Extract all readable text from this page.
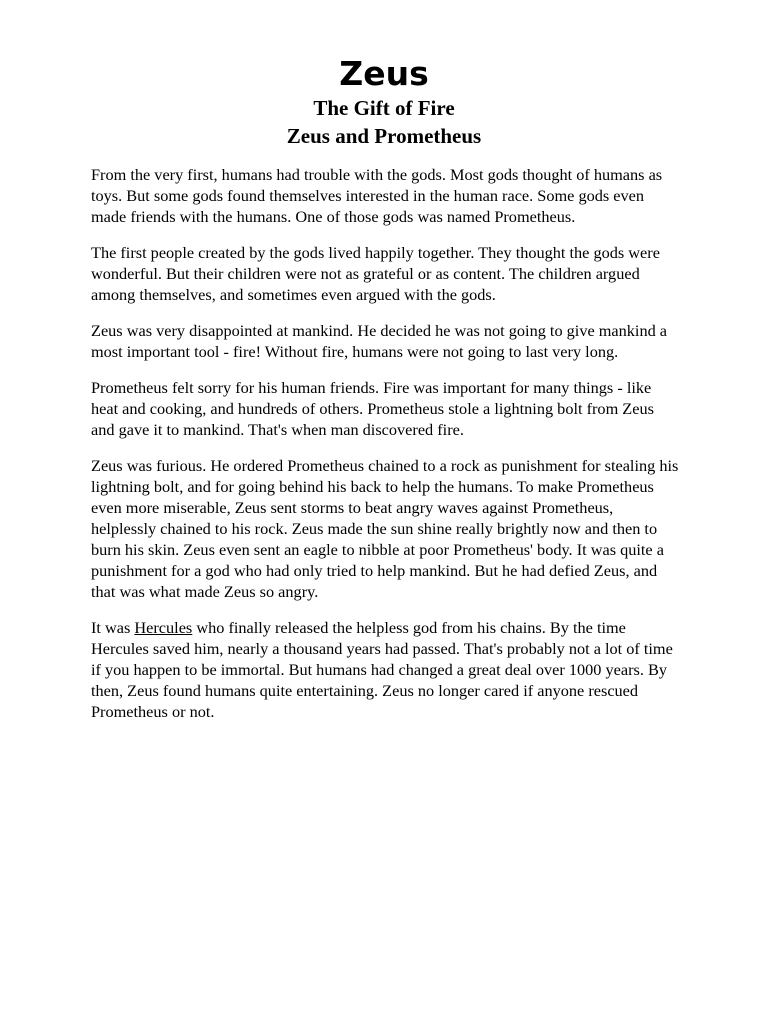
Zeus
The Gift of Fire
Zeus and Prometheus

From the very first, humans had trouble with the gods. Most gods thought of humans as toys. But some gods found themselves interested in the human race. Some gods even made friends with the humans. One of those gods was named Prometheus.

The first people created by the gods lived happily together. They thought the gods were wonderful. But their children were not as grateful or as content. The children argued among themselves, and sometimes even argued with the gods.

Zeus was very disappointed at mankind. He decided he was not going to give mankind a most important tool - fire! Without fire, humans were not going to last very long.

Prometheus felt sorry for his human friends. Fire was important for many things - like heat and cooking, and hundreds of others. Prometheus stole a lightning bolt from Zeus and gave it to mankind. That's when man discovered fire.

Zeus was furious. He ordered Prometheus chained to a rock as punishment for stealing his lightning bolt, and for going behind his back to help the humans. To make Prometheus even more miserable, Zeus sent storms to beat angry waves against Prometheus, helplessly chained to his rock. Zeus made the sun shine really brightly now and then to burn his skin. Zeus even sent an eagle to nibble at poor Prometheus' body. It was quite a punishment for a god who had only tried to help mankind. But he had defied Zeus, and that was what made Zeus so angry.

It was Hercules who finally released the helpless god from his chains. By the time Hercules saved him, nearly a thousand years had passed. That's probably not a lot of time if you happen to be immortal. But humans had changed a great deal over 1000 years. By then, Zeus found humans quite entertaining. Zeus no longer cared if anyone rescued Prometheus or not.
